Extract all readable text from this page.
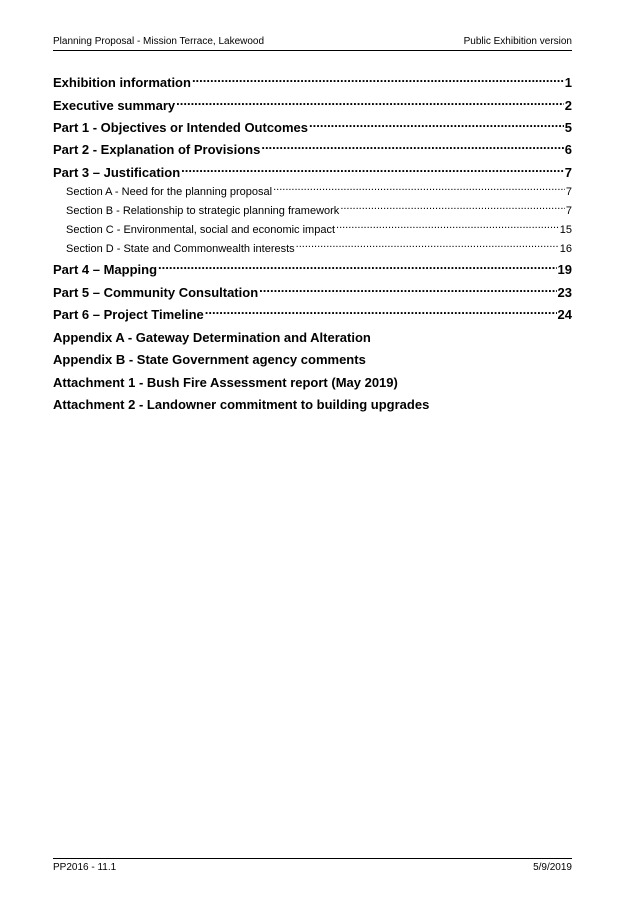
Planning Proposal - Mission Terrace, Lakewood	Public Exhibition version
Exhibition information .....	1
Executive summary .....	2
Part 1 - Objectives or Intended Outcomes .....	5
Part 2 - Explanation of Provisions .....	6
Part 3 – Justification .....	7
Section A - Need for the planning proposal .....	7
Section B - Relationship to strategic planning framework .....	7
Section C - Environmental, social and economic impact .....	15
Section D - State and Commonwealth interests .....	16
Part 4 – Mapping .....	19
Part 5 – Community Consultation .....	23
Part 6 – Project Timeline .....	24
Appendix A - Gateway Determination and Alteration
Appendix B - State Government agency comments
Attachment 1 - Bush Fire Assessment report (May 2019)
Attachment 2 - Landowner commitment to building upgrades
PP2016 - 11.1	5/9/2019
